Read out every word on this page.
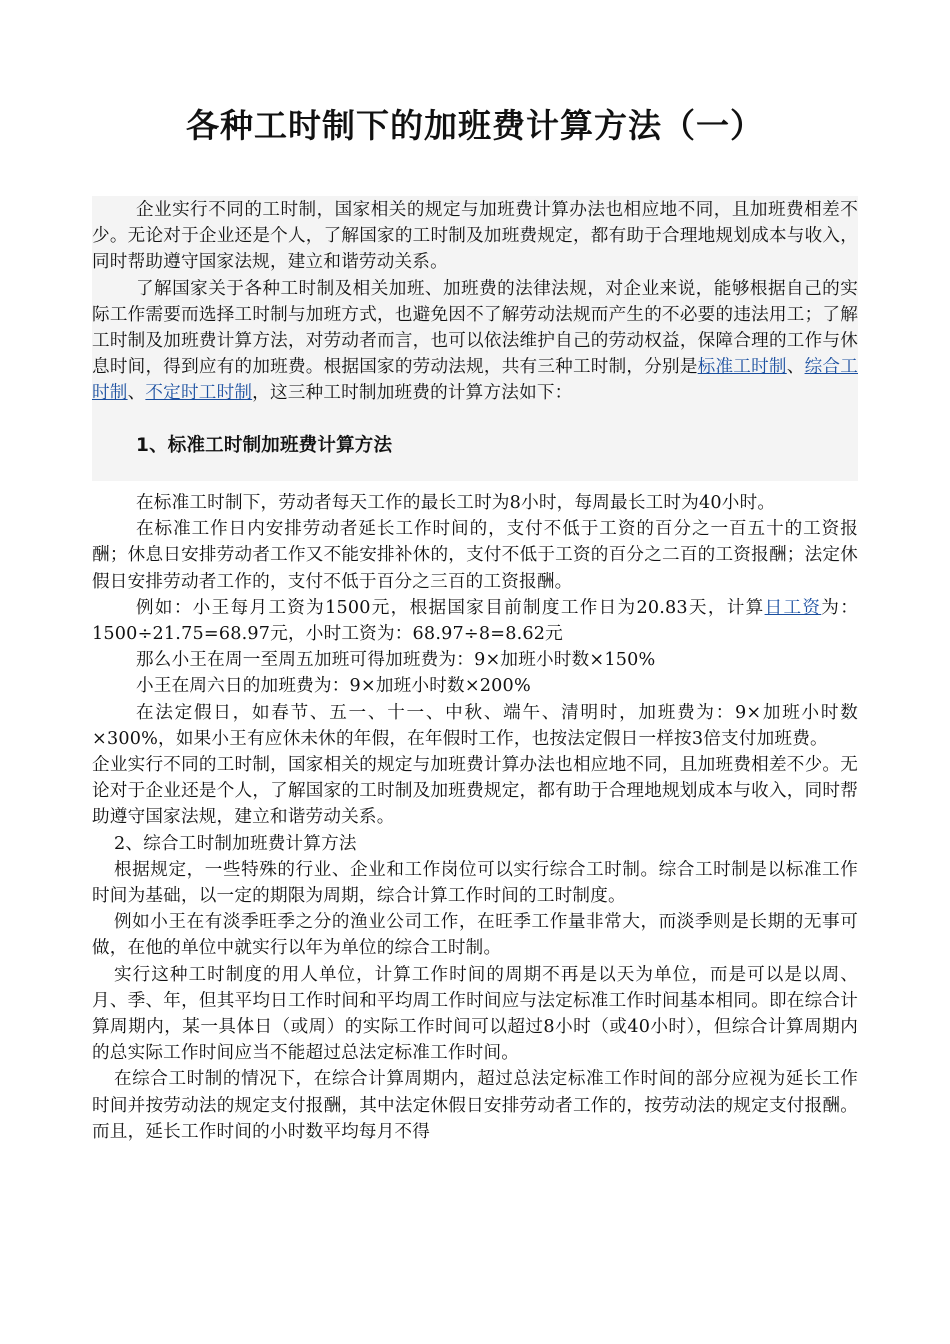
各种工时制下的加班费计算方法（一）

企业实行不同的工时制，国家相关的规定与加班费计算办法也相应地不同，且加班费相差不少。无论对于企业还是个人，了解国家的工时制及加班费规定，都有助于合理地规划成本与收入，同时帮助遵守国家法规，建立和谐劳动关系。

了解国家关于各种工时制及相关加班、加班费的法律法规，对企业来说，能够根据自己的实际工作需要而选择工时制与加班方式，也避免因不了解劳动法规而产生的不必要的违法用工；了解工时制及加班费计算方法，对劳动者而言，也可以依法维护自己的劳动权益，保障合理的工作与休息时间，得到应有的加班费。根据国家的劳动法规，共有三种工时制，分别是标准工时制、综合工时制、不定时工时制，这三种工时制加班费的计算方法如下：

1、标准工时制加班费计算方法

在标准工时制下，劳动者每天工作的最长工时为8小时，每周最长工时为40小时。

在标准工作日内安排劳动者延长工作时间的，支付不低于工资的百分之一百五十的工资报酬；休息日安排劳动者工作又不能安排补休的，支付不低于工资的百分之二百的工资报酬；法定休假日安排劳动者工作的，支付不低于百分之三百的工资报酬。

例如：小王每月工资为1500元，根据国家目前制度工作日为20.83天，计算日工资为：1500÷21.75=68.97元，小时工资为：68.97÷8=8.62元

那么小王在周一至周五加班可得加班费为：9×加班小时数×150%

小王在周六日的加班费为：9×加班小时数×200%

在法定假日，如春节、五一、十一、中秋、端午、清明时，加班费为：9×加班小时数×300%，如果小王有应休未休的年假，在年假时工作，也按法定假日一样按3倍支付加班费。

企业实行不同的工时制，国家相关的规定与加班费计算办法也相应地不同，且加班费相差不少。无论对于企业还是个人，了解国家的工时制及加班费规定，都有助于合理地规划成本与收入，同时帮助遵守国家法规，建立和谐劳动关系。

2、综合工时制加班费计算方法

根据规定，一些特殊的行业、企业和工作岗位可以实行综合工时制。综合工时制是以标准工作时间为基础，以一定的期限为周期，综合计算工作时间的工时制度。

例如小王在有淡季旺季之分的渔业公司工作，在旺季工作量非常大，而淡季则是长期的无事可做，在他的单位中就实行以年为单位的综合工时制。

实行这种工时制度的用人单位，计算工作时间的周期不再是以天为单位，而是可以是以周、月、季、年，但其平均日工作时间和平均周工作时间应与法定标准工作时间基本相同。即在综合计算周期内，某一具体日（或周）的实际工作时间可以超过8小时（或40小时），但综合计算周期内的总实际工作时间应当不能超过总法定标准工作时间。

在综合工时制的情况下，在综合计算周期内，超过总法定标准工作时间的部分应视为延长工作时间并按劳动法的规定支付报酬，其中法定休假日安排劳动者工作的，按劳动法的规定支付报酬。而且，延长工作时间的小时数平均每月不得
